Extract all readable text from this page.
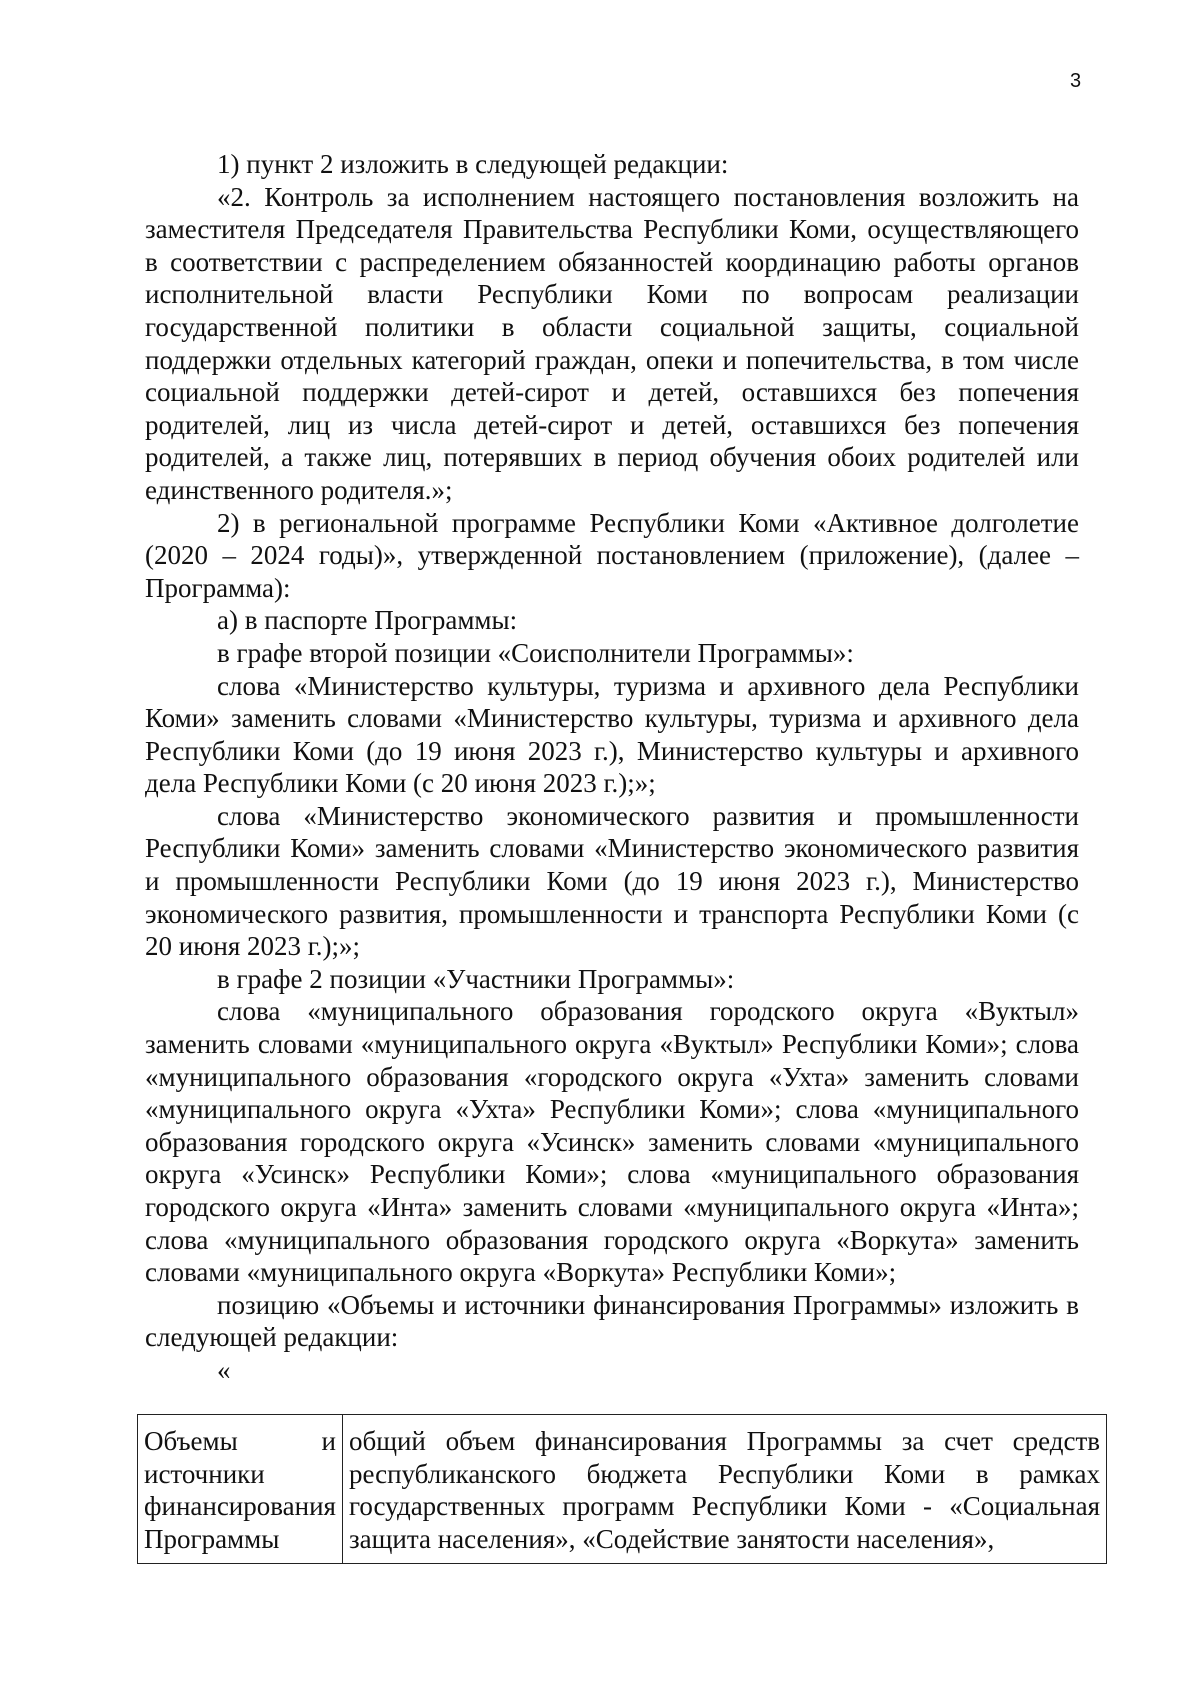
3

1) пункт 2 изложить в следующей редакции:

«2. Контроль за исполнением настоящего постановления возложить на заместителя Председателя Правительства Республики Коми, осуществляющего в соответствии с распределением обязанностей координацию работы органов исполнительной власти Республики Коми по вопросам реализации государственной политики в области социальной защиты, социальной поддержки отдельных категорий граждан, опеки и попечительства, в том числе социальной поддержки детей-сирот и детей, оставшихся без попечения родителей, лиц из числа детей-сирот и детей, оставшихся без попечения родителей, а также лиц, потерявших в период обучения обоих родителей или единственного родителя.»;

2) в региональной программе Республики Коми «Активное долголетие (2020 – 2024 годы)», утвержденной постановлением (приложение), (далее – Программа):

а) в паспорте Программы:

в графе второй позиции «Соисполнители Программы»:

слова «Министерство культуры, туризма и архивного дела Республики Коми» заменить словами «Министерство культуры, туризма и архивного дела Республики Коми (до 19 июня 2023 г.), Министерство культуры и архивного дела Республики Коми (с 20 июня 2023 г.);»;

слова «Министерство экономического развития и промышленности Республики Коми» заменить словами «Министерство экономического развития и промышленности Республики Коми (до 19 июня 2023 г.), Министерство экономического развития, промышленности и транспорта Республики Коми (с 20 июня 2023 г.);»;

в графе 2 позиции «Участники Программы»:

слова «муниципального образования городского округа «Вуктыл» заменить словами «муниципального округа «Вуктыл» Республики Коми»; слова «муниципального образования «городского округа «Ухта» заменить словами «муниципального округа «Ухта» Республики Коми»; слова «муниципального образования городского округа «Усинск» заменить словами «муниципального округа «Усинск» Республики Коми»; слова «муниципального образования городского округа «Инта» заменить словами «муниципального округа «Инта»; слова «муниципального образования городского округа «Воркута» заменить словами «муниципального округа «Воркута» Республики Коми»;

позицию «Объемы и источники финансирования Программы» изложить в следующей редакции:

«

Объемы и источники финансирования Программы	общий объем финансирования Программы за счет средств республиканского бюджета Республики Коми в рамках государственных программ Республики Коми - «Социальная защита населения», «Содействие занятости населения»,
